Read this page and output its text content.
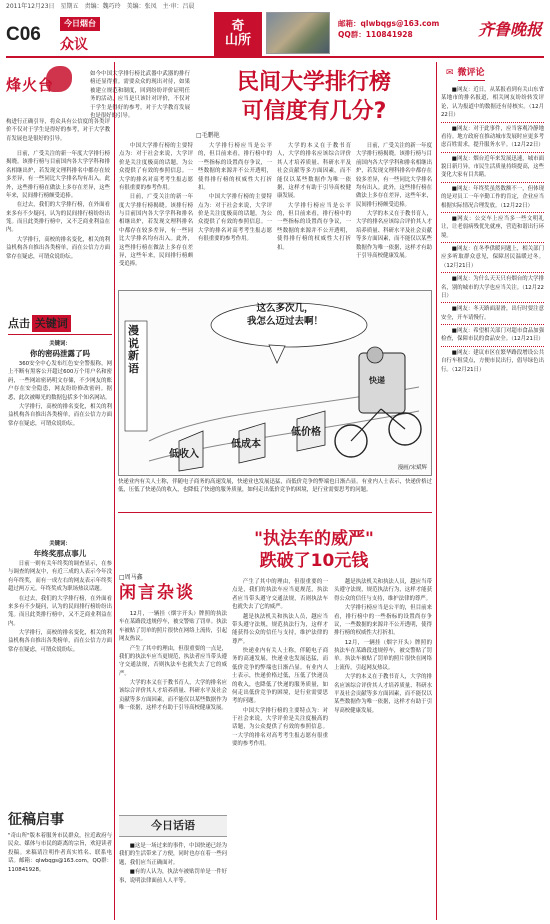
2011年12月23日 星期五 责编：魏巧玲 美编：张凤 主·审：吕晨
C06
今日烟台
众议
奇
山所
邮箱：qlwbqgs@163.com
QQ群：110841928	齐鲁晚报
烽火台
如今中国大学排行榜比武器中武器的排行榜还显得重。需要众众的现出对待，如果被建立规范和制度，回到纷纷评价证明任务的活动，应当是只该针对评价，不仅对于学生是得好的参考，对于大学教育发展也是很好的引导。
构进行正确引导，将众具有公信度的各类评价不仅对于学生是得好的参考，对于大学教育发展也是很好的引导。
民间大学排行榜
可信度有几分?
□毛鹏艳

日前，广受关注的新一年度大学排行榜揭晓。该排行榜与目前国内各大学学科和排名相继出炉，若发现文理科排名中都存在较多差异，有一些同比大学排名均有出入。此外，这些排行榜在做法上多存在差异，这些年来，民间排行榜颇受追捧。

在过去，我们的大学排行榜，在外面看来多有不少疑问，认为的民间排行榜纷纷出笼。而且此类排行榜中，又不乏商业利益在内。

大学排行，高校的排名变化，相关的利益机构各自推出各类榜单，而在公信力方面常存在疑虑，可谓众说纷纭。

中国大学排行榜的主要特点为：对于社会来说，大学评价是关注度极高的话题，为公众提供了有效的参照信息。一大学的排名对高考考生报志愿有很重要的参考作用。

日前，广受关注的新一年度大学排行榜揭晓。该排行榜与目前国内各大学学科和排名相继出炉，若发现文理科排名中都存在较多差异，有一些同比大学排名均有出入。此外，这些排行榜在做法上多存在差异，这些年来，民间排行榜颇受追捧。

大学排行榜应当是公平的，但目前来看，排行榜中的一些指标的设置尚存争议，一些数据的来源并不公开透明，使得排行榜的权威性大打折扣。

中国大学排行榜的主要特点为：对于社会来说，大学评价是关注度极高的话题，为公众提供了有效的参照信息。一大学的排名对高考考生报志愿有很重要的参考作用。

大学的本义在于教书育人，大学的排名应该综合评价其人才培养质量、科研水平及社会贡献等多方面因素，而不能仅以某些数据作为唯一依据，这样才有助于引导高校健康发展。

大学排行榜应当是公平的，但目前来看，排行榜中的一些指标的设置尚存争议，一些数据的来源并不公开透明，使得排行榜的权威性大打折扣。

日前，广受关注的新一年度大学排行榜揭晓。该排行榜与目前国内各大学学科和排名相继出炉，若发现文理科排名中都存在较多差异，有一些同比大学排名均有出入。此外，这些排行榜在做法上多存在差异，这些年来，民间排行榜颇受追捧。

大学的本义在于教书育人，大学的排名应该综合评价其人才培养质量、科研水平及社会贡献等多方面因素，而不能仅以某些数据作为唯一依据，这样才有助于引导高校健康发展。

这么多次几，
我怎么迈过去啊！
漫说新语
低收入
低成本
低价格
快递
漫画/宋斌辉
快递业内有关人士称，伴随电子商务的高速发展，快递业也发展迅猛，而低价竞争的弊端也日渐凸显。有业内人士表示，快递价格过低，压低了快递员的收入，也降低了快递的服务质量，如何走出低价竞争的困境，是行业需要思考的问题。
"执法车的威严"
跌破了10元钱
□周马鑫
闲言杂谈

12月，一辆挂（烟字开头）牌照的执法车在某路段违规停车，被交警贴了罚单。执法车被贴了罚单的照片很快在网络上流传，引起网友热议。

产生了其中的理由，但很重要的一点是，我们的执法车应当更规范，执法者应当带头遵守交通法规，否则执法车也就失去了它的威严。

大学的本义在于教书育人，大学的排名应该综合评价其人才培养质量、科研水平及社会贡献等多方面因素，而不能仅以某些数据作为唯一依据，这样才有助于引导高校健康发展。

产生了其中的理由，但很重要的一点是，我们的执法车应当更规范，执法者应当带头遵守交通法规，否则执法车也就失去了它的威严。

越是执法机关和执法人员，越应当带头遵守法规，规范执法行为，这样才能获得公众的信任与支持，维护法律的尊严。

快递业内有关人士称，伴随电子商务的高速发展，快递业也发展迅猛，而低价竞争的弊端也日渐凸显。有业内人士表示，快递价格过低，压低了快递员的收入，也降低了快递的服务质量，如何走出低价竞争的困境，是行业需要思考的问题。

中国大学排行榜的主要特点为：对于社会来说，大学评价是关注度极高的话题，为公众提供了有效的参照信息。一大学的排名对高考考生报志愿有很重要的参考作用。

越是执法机关和执法人员，越应当带头遵守法规，规范执法行为，这样才能获得公众的信任与支持，维护法律的尊严。

大学排行榜应当是公平的，但目前来看，排行榜中的一些指标的设置尚存争议，一些数据的来源并不公开透明，使得排行榜的权威性大打折扣。

12月，一辆挂（烟字开头）牌照的执法车在某路段违规停车，被交警贴了罚单。执法车被贴了罚单的照片很快在网络上流传，引起网友热议。

大学的本义在于教书育人，大学的排名应该综合评价其人才培养质量、科研水平及社会贡献等多方面因素，而不能仅以某些数据作为唯一依据，这样才有助于引导高校健康发展。

今日话语

■这是一场过来的事件，中国快递已经为我们的生活带来了方便，同时也存在着一些问题，我们应当正确面对。

■有的人认为，执法车被贴罚单是一件好事，说明法律面前人人平等。

点击 关键词
关键词：
你的密码泄露了吗

360安全中心发布红色安全警报称，网上不断有黑客公开超过600万个用户名和密码，一些网站密码明文存储，不少网友的账户存在安全隐患，网友纷纷修改密码。据悉，此次被曝光的数据包括多个知名网站。

大学排行，高校的排名变化，相关的利益机构各自推出各类榜单，而在公信力方面常存在疑虑，可谓众说纷纭。

关键词：
年终奖那点事儿

日前一则有关年终奖的调查显示，在参与调查的网友中，有近三成的人表示今年没有年终奖，而有一成左右的网友表示年终奖超过两万元。年终奖成为职场热议话题。

在过去，我们的大学排行榜，在外面看来多有不少疑问，认为的民间排行榜纷纷出笼。而且此类排行榜中，又不乏商业利益在内。

大学排行，高校的排名变化，相关的利益机构各自推出各类榜单，而在公信力方面常存在疑虑，可谓众说纷纭。

征稿启事
"奇山所"版本着服务市民群众，拉近政府与民众、媒体与市民的距离的宗旨，欢迎读者投稿。来稿请注明作者真实姓名、联系电话。邮箱：qlwbqgs@163.com，QQ群：110841928。
✉ 微评论

■网友：近日，从某报看到有关山东省某地市的排名报道，相关网友纷纷转发评论，认为报道中的数据还有待核实。（12月22日）

■网友：对于此事件，应当客观冷静地看待。地方政府在推动城市发展时应更多考虑百姓需求，提升服务水平。（12月22日）

■网友：烟台近年来发展迅速，城市面貌日新月异，市民生活质量持续提高，这些变化大家有目共睹。

■网友：年终奖虽然数额不一，但体现的是对员工一年辛勤工作的肯定，企业应当根据实际情况合理发放。（12月22日）

■网友：公交车上应当多一些文明礼让，让老弱病残优先就座，营造和谐出行环境。

■网友：在冬季供暖问题上，相关部门应多听取群众意见，保障居民温暖过冬。（12月21日）

■网友：为什么天天只有烟台的大学排名，别的城市的大学也应当关注。（12月22日）

■网友：冬天路面湿滑，出行时要注意安全，开车请慢行。

■网友：希望相关部门对超市食品加强检查，保障市民的食品安全。（12月21日）

■网友：建议市区在繁华路段增设公共自行车租赁点，方便市民出行，倡导绿色出行。（12月21日）
